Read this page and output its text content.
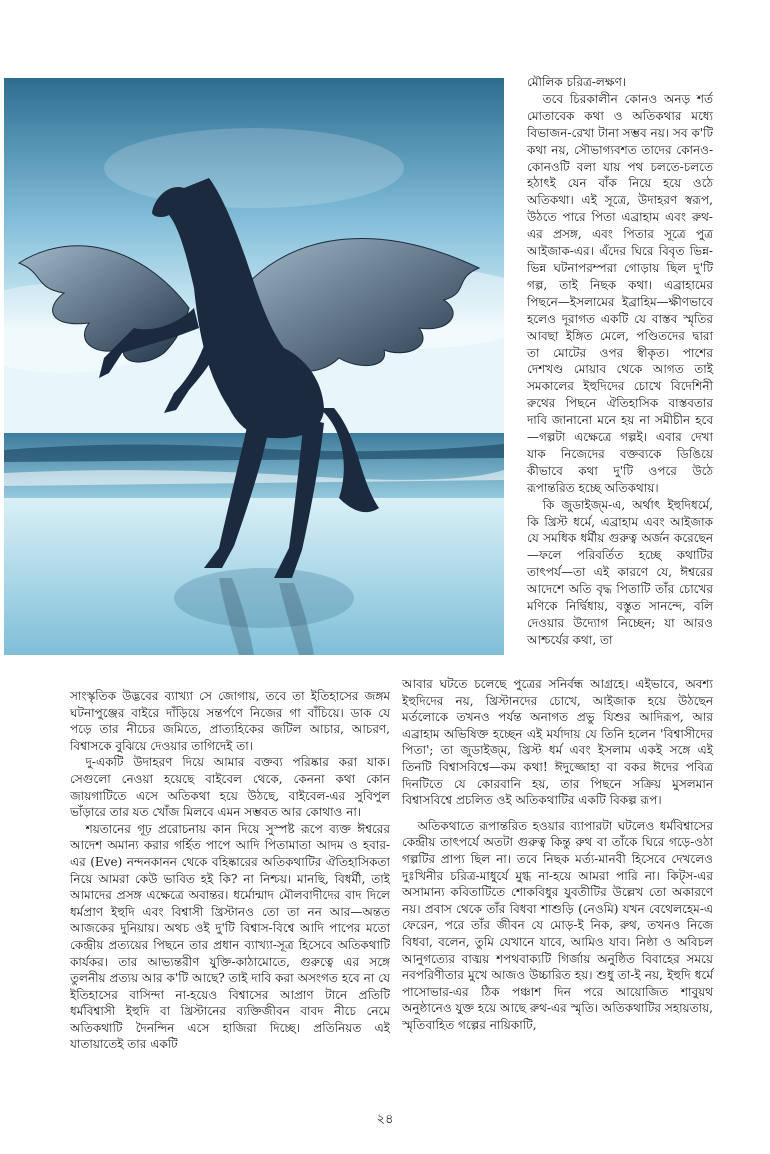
মৌলিক চরিত্র-লক্ষণ।

তবে চিরকালীন কোনও অনড় শর্ত মোতাবেক কথা ও অতিকথার মধ্যে বিভাজন-রেখা টানা সম্ভব নয়। সব ক'টি কথা নয়, সৌভাগ্যবশত তাদের কোনও-কোনওটি বলা যায় পথ চলতে-চলতে হঠাৎই যেন বাঁক নিয়ে হয়ে ওঠে অতিকথা। এই সূত্রে, উদাহরণ স্বরূপ, উঠতে পারে পিতা এব্রাহাম এবং রুথ-এর প্রসঙ্গ, এবং পিতার সূত্রে পুত্র আইজাক-এর। এঁদের ঘিরে বিবৃত ভিন্ন-ভিন্ন ঘটনাপরম্পরা গোড়ায় ছিল দু'টি গল্প, তাই নিছক কথা। এব্রাহামের পিছনে—ইসলামের ইব্রাহিম—ক্ষীণভাবে হলেও দূরাগত একটি যে বাস্তব স্মৃতির আবছা ইঙ্গিত মেলে, পণ্ডিতদের দ্বারা তা মোটের ওপর স্বীকৃত। পাশের দেশখণ্ড মোয়াব থেকে আগত তাই সমকালের ইহুদিদের চোখে বিদেশিনী রুথের পিছনে ঐতিহাসিক বাস্তবতার দাবি জানানো মনে হয় না সমীচীন হবে—গল্পটা এক্ষেত্রে গল্পই। এবার দেখা যাক নিজেদের বক্তব্যকে ডিঙিয়ে কীভাবে কথা দু'টি ওপরে উঠে রূপান্তরিত হচ্ছে অতিকথায়।

কি জুডাইজ্‌ম-এ, অর্থাৎ ইহুদিধর্মে, কি খ্রিস্ট ধর্মে, এব্রাহাম এবং আইজাক যে সমধিক ধর্মীয় গুরুত্ব অর্জন করেছেন—ফলে পরিবর্তিত হচ্ছে কথাটির তাৎপর্য—তা এই কারণে যে, ঈশ্বরের আদেশে অতি বৃদ্ধ পিতাটি তাঁর চোখের মণিকে নির্দ্বিধায়, বস্তুত সানন্দে, বলি দেওয়ার উদ্যোগ নিচ্ছেন; যা আরও আশ্চর্যের কথা, তা

সাংস্কৃতিক উদ্ভবের ব্যাখ্যা সে জোগায়, তবে তা ইতিহাসের জঙ্গম ঘটনাপুঞ্জের বাইরে দাঁড়িয়ে সন্তর্পণে নিজের গা বাঁচিয়ে। ডাক যে পড়ে তার নীচের জমিতে, প্রাত্যহিকের জটিল আচার, আচরণ, বিশ্বাসকে বুঝিয়ে দেওয়ার তাগিদেই তা।

দু-একটি উদাহরণ দিয়ে আমার বক্তব্য পরিষ্কার করা যাক। সেগুলো নেওয়া হয়েছে বাইবেল থেকে, কেননা কথা কোন জায়গাটিতে এসে অতিকথা হয়ে উঠছে, বাইবেল-এর সুবিপুল ভাঁড়ারে তার যত খোঁজ মিলবে এমন সম্ভবত আর কোথাও না।

শয়তানের গূঢ় প্ররোচনায় কান দিয়ে সুস্পষ্ট রূপে ব্যক্ত ঈশ্বরের আদেশ অমান্য করার গর্হিত পাপে আদি পিতামাতা আদম ও হবার-এর (Eve) নন্দনকানন থেকে বহিষ্কারের অতিকথাটির ঐতিহাসিকতা নিয়ে আমরা কেউ ভাবিত হই কি? না নিশ্চয়। মানছি, বিধর্মী, তাই আমাদের প্রসঙ্গ এক্ষেত্রে অবান্তর। ধর্মোন্মাদ মৌলবাদীদের বাদ দিলে ধর্মপ্রাণ ইহুদি এবং বিশ্বাসী খ্রিস্টানও তো তা নন আর—অন্তত আজকের দুনিয়ায়। অথচ ওই দু'টি বিশ্বাস-বিশ্বে আদি পাপের মতো কেন্দ্রীয় প্রত্যয়ের পিছনে তার প্রধান ব্যাখ্যা-সূত্র হিসেবে অতিকথাটি কার্যকর। তার আভ্যন্তরীণ যুক্তি-কাঠামোতে, গুরুত্বে এর সঙ্গে তুলনীয় প্রত্যয় আর ক'টি আছে? তাই দাবি করা অসংগত হবে না যে ইতিহাসের বাসিন্দা না-হয়েও বিশ্বাসের আপ্রাণ টানে প্রতিটি ধর্মবিশ্বাসী ইহুদি বা খ্রিস্টানের ব্যক্তিজীবন বাবদ নীচে নেমে অতিকথাটি দৈনন্দিন এসে হাজিরা দিচ্ছে। প্রতিনিয়ত এই যাতায়াতেই তার একটি

আবার ঘটতে চলেছে পুত্রের সনির্বন্ধ আগ্রহে। এইভাবে, অবশ্য ইহুদিদের নয়, খ্রিস্টানদের চোখে, আইজাক হয়ে উঠছেন মর্তলোকে তখনও পর্যন্ত অনাগত প্রভু যিশুর আদিরূপ, আর এব্রাহাম অভিষিক্ত হচ্ছেন এই মর্যাদায় যে তিনি হলেন 'বিশ্বাসীদের পিতা'; তা জুডাইজ্‌ম, খ্রিস্ট ধর্ম এবং ইসলাম একই সঙ্গে এই তিনটি বিশ্বাসবিশ্বে—কম কথা! ঈদুজ্জোহা বা বকর ঈদের পবিত্র দিনটিতে যে কোরবানি হয়, তার পিছনে সক্রিয় মুসলমান বিশ্বাসবিশ্বে প্রচলিত ওই অতিকথাটির একটি বিকল্প রূপ।

অতিকথাতে রূপান্তরিত হওয়ার ব্যাপারটা ঘটলেও ধর্মবিশ্বাসের কেন্দ্রীয় তাৎপর্যে অতটা গুরুত্ব কিন্তু রুথ বা তাঁকে ঘিরে গড়ে-ওঠা গল্পটির প্রাপ্য ছিল না। তবে নিছক মর্ত্য-মানবী হিসেবে দেখলেও দুঃখিনীর চরিত্র-মাধুর্যে মুগ্ধ না-হয়ে আমরা পারি না। কিট্‌স-এর অসামান্য কবিতাটিতে শোকবিধুর যুবতীটির উল্লেখ তো অকারণে নয়। প্রবাস থেকে তাঁর বিধবা শাশুড়ি (নেওমি) যখন বেথেলহেম-এ ফেরেন, পরে তাঁর জীবন যে মোড়-ই নিক, রুথ, তখনও নিজে বিধবা, বলেন, তুমি যেখানে যাবে, আমিও যাব। নিষ্ঠা ও অবিচল আনুগত্যের বাঙ্ময় শপথবাক্যটি গির্জায় অনুষ্ঠিত বিবাহের সময়ে নবপরিণীতার মুখে আজও উচ্চারিত হয়। শুধু তা-ই নয়, ইহুদি ধর্মে পাসোভার-এর ঠিক পঞ্চাশ দিন পরে আয়োজিত শাবুয়থ অনুষ্ঠানেও যুক্ত হয়ে আছে রুথ-এর স্মৃতি। অতিকথাটির সহায়তায়, স্মৃতিবাহিত গল্পের নায়িকাটি,

২৪
